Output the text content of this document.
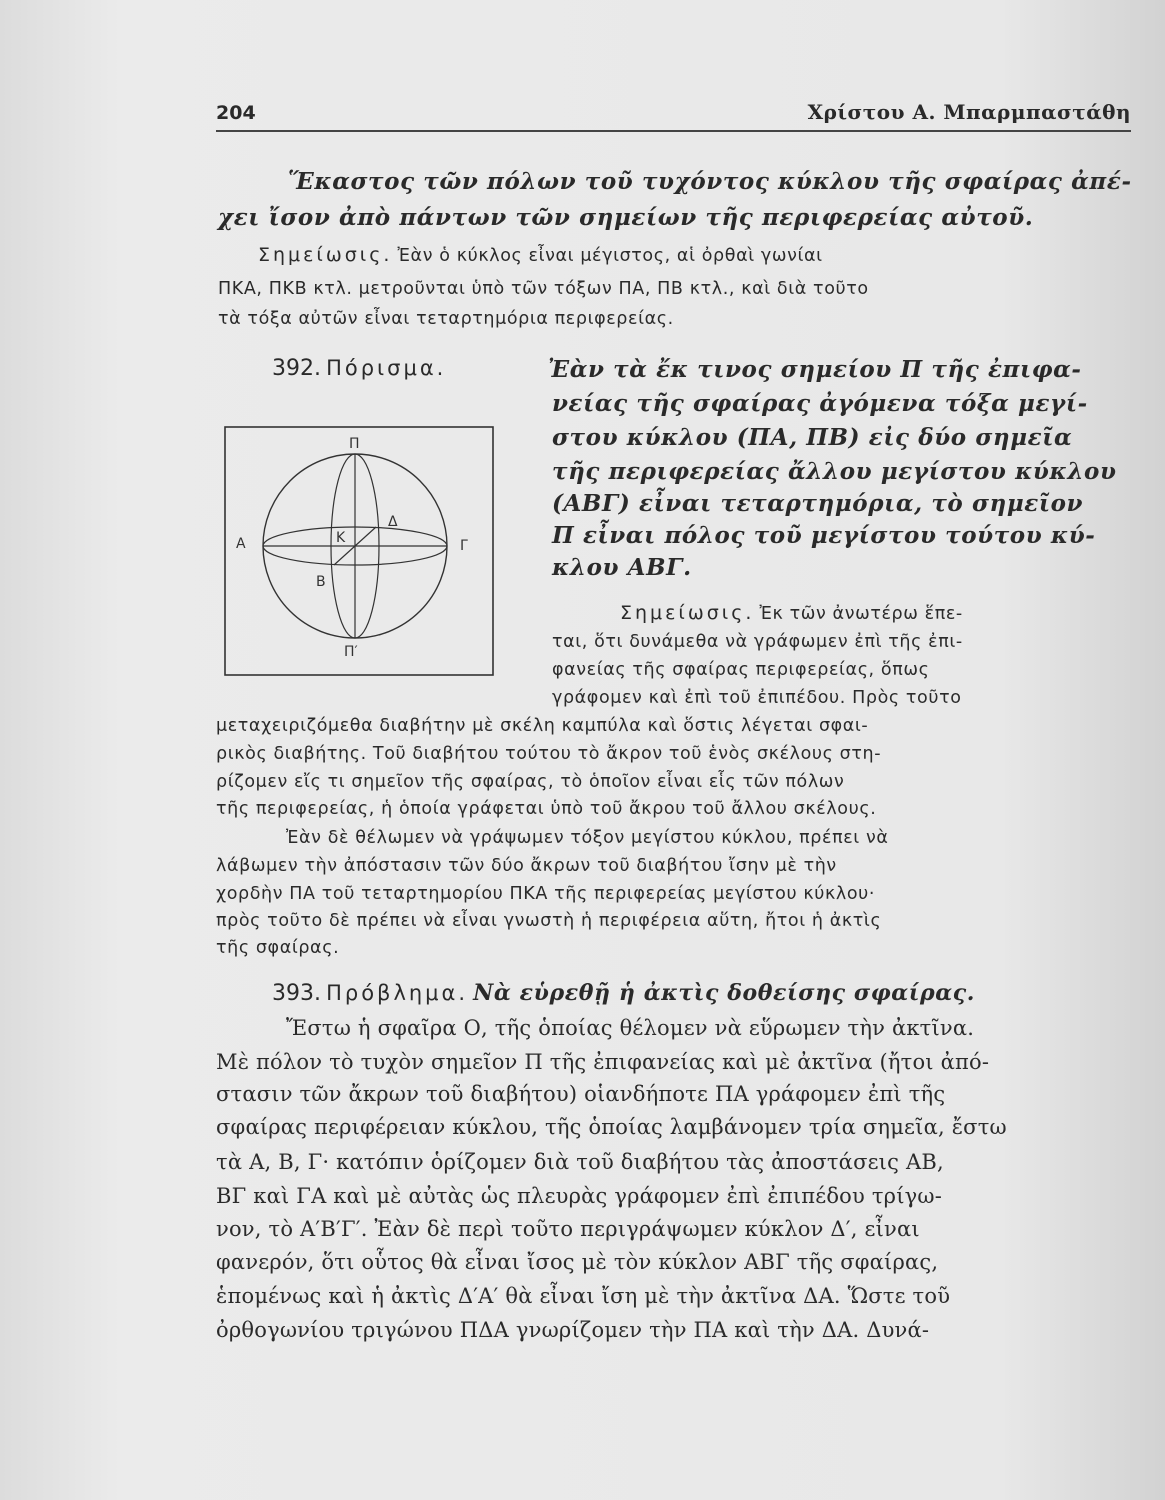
204	Χρίστου Α. Μπαρμπαστάθη
Ἕκαστος τῶν πόλων τοῦ τυχόντος κύκλου τῆς σφαίρας ἀπέ-
χει ἴσον ἀπὸ πάντων τῶν σημείων τῆς περιφερείας αὐτοῦ.
Σημείωσις. Ἐὰν ὁ κύκλος εἶναι μέγιστος, αἱ ὀρθαὶ γωνίαι
ΠΚΑ, ΠΚΒ κτλ. μετροῦνται ὑπὸ τῶν τόξων ΠΑ, ΠΒ κτλ., καὶ διὰ τοῦτο
τὰ τόξα αὐτῶν εἶναι τεταρτημόρια περιφερείας.
392. Πόρισμα.	Ἐὰν τὰ ἔκ τινος σημείου Π τῆς ἐπιφα-
νείας τῆς σφαίρας ἀγόμενα τόξα μεγί-
στου κύκλου (ΠΑ, ΠΒ) εἰς δύο σημεῖα
τῆς περιφερείας ἄλλου μεγίστου κύκλου
(ΑΒΓ) εἶναι τεταρτημόρια, τὸ σημεῖον
Π εἶναι πόλος τοῦ μεγίστου τούτου κύ-
κλου ΑΒΓ.
Π
Π′
Α	Γ
Κ
Β
Δ
Σημείωσις. Ἐκ τῶν ἀνωτέρω ἕπε-
ται, ὅτι δυνάμεθα νὰ γράφωμεν ἐπὶ τῆς ἐπι-
φανείας τῆς σφαίρας περιφερείας, ὅπως
γράφομεν καὶ ἐπὶ τοῦ ἐπιπέδου. Πρὸς τοῦτο
μεταχειριζόμεθα διαβήτην μὲ σκέλη καμπύλα καὶ ὅστις λέγεται σφαι-
ρικὸς διαβήτης. Τοῦ διαβήτου τούτου τὸ ἄκρον τοῦ ἑνὸς σκέλους στη-
ρίζομεν εἴς τι σημεῖον τῆς σφαίρας, τὸ ὁποῖον εἶναι εἷς τῶν πόλων
τῆς περιφερείας, ἡ ὁποία γράφεται ὑπὸ τοῦ ἄκρου τοῦ ἄλλου σκέλους.
Ἐὰν δὲ θέλωμεν νὰ γράψωμεν τόξον μεγίστου κύκλου, πρέπει νὰ
λάβωμεν τὴν ἀπόστασιν τῶν δύο ἄκρων τοῦ διαβήτου ἴσην μὲ τὴν
χορδὴν ΠΑ τοῦ τεταρτημορίου ΠΚΑ τῆς περιφερείας μεγίστου κύκλου·
πρὸς τοῦτο δὲ πρέπει νὰ εἶναι γνωστὴ ἡ περιφέρεια αὕτη, ἤτοι ἡ ἀκτὶς
τῆς σφαίρας.
393. Πρόβλημα. Νὰ εὑρεθῇ ἡ ἀκτὶς δοθείσης σφαίρας.
Ἔστω ἡ σφαῖρα Ο, τῆς ὁποίας θέλομεν νὰ εὕρωμεν τὴν ἀκτῖνα.
Μὲ πόλον τὸ τυχὸν σημεῖον Π τῆς ἐπιφανείας καὶ μὲ ἀκτῖνα (ἤτοι ἀπό-
στασιν τῶν ἄκρων τοῦ διαβήτου) οἱανδήποτε ΠΑ γράφομεν ἐπὶ τῆς
σφαίρας περιφέρειαν κύκλου, τῆς ὁποίας λαμβάνομεν τρία σημεῖα, ἔστω
τὰ Α, Β, Γ· κατόπιν ὁρίζομεν διὰ τοῦ διαβήτου τὰς ἀποστάσεις ΑΒ,
ΒΓ καὶ ΓΑ καὶ μὲ αὐτὰς ὡς πλευρὰς γράφομεν ἐπὶ ἐπιπέδου τρίγω-
νον, τὸ Α′Β′Γ′. Ἐὰν δὲ περὶ τοῦτο περιγράψωμεν κύκλον Δ′, εἶναι
φανερόν, ὅτι οὗτος θὰ εἶναι ἴσος μὲ τὸν κύκλον ΑΒΓ τῆς σφαίρας,
ἑπομένως καὶ ἡ ἀκτὶς Δ′Α′ θὰ εἶναι ἴση μὲ τὴν ἀκτῖνα ΔΑ. Ὥστε τοῦ
ὀρθογωνίου τριγώνου ΠΔΑ γνωρίζομεν τὴν ΠΑ καὶ τὴν ΔΑ. Δυνά-
